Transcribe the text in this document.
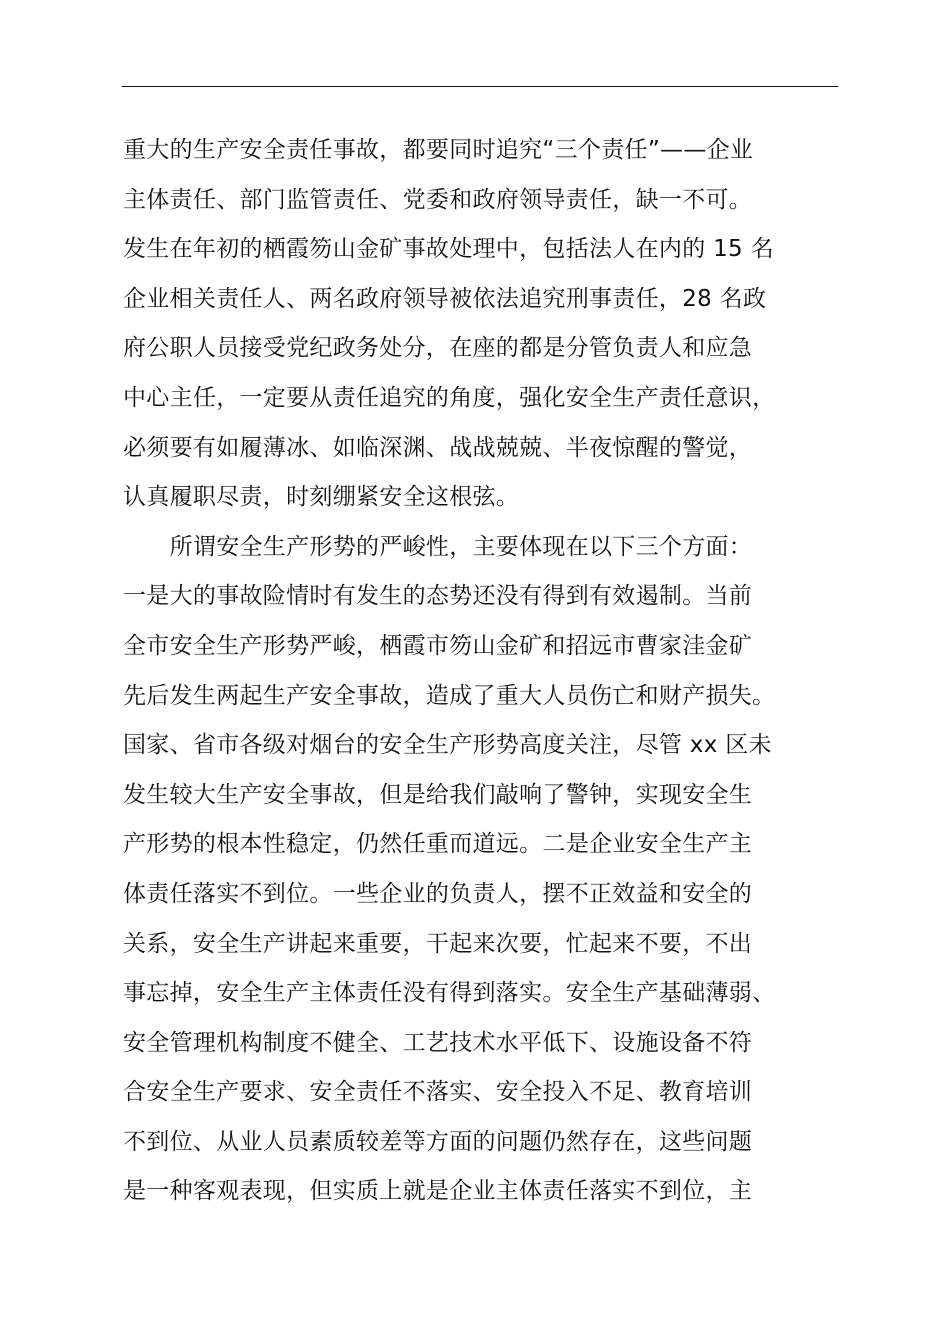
重大的生产安全责任事故，都要同时追究“三个责任”——企业
主体责任、部门监管责任、党委和政府领导责任，缺一不可。
发生在年初的栖霞笏山金矿事故处理中，包括法人在内的 15 名
企业相关责任人、两名政府领导被依法追究刑事责任，28 名政
府公职人员接受党纪政务处分，在座的都是分管负责人和应急
中心主任，一定要从责任追究的角度，强化安全生产责任意识，
必须要有如履薄冰、如临深渊、战战兢兢、半夜惊醒的警觉，
认真履职尽责，时刻绷紧安全这根弦。
　　所谓安全生产形势的严峻性，主要体现在以下三个方面：
一是大的事故险情时有发生的态势还没有得到有效遏制。当前
全市安全生产形势严峻，栖霞市笏山金矿和招远市曹家洼金矿
先后发生两起生产安全事故，造成了重大人员伤亡和财产损失。
国家、省市各级对烟台的安全生产形势高度关注，尽管 xx 区未
发生较大生产安全事故，但是给我们敲响了警钟，实现安全生
产形势的根本性稳定，仍然任重而道远。二是企业安全生产主
体责任落实不到位。一些企业的负责人，摆不正效益和安全的
关系，安全生产讲起来重要，干起来次要，忙起来不要，不出
事忘掉，安全生产主体责任没有得到落实。安全生产基础薄弱、
安全管理机构制度不健全、工艺技术水平低下、设施设备不符
合安全生产要求、安全责任不落实、安全投入不足、教育培训
不到位、从业人员素质较差等方面的问题仍然存在，这些问题
是一种客观表现，但实质上就是企业主体责任落实不到位，主
